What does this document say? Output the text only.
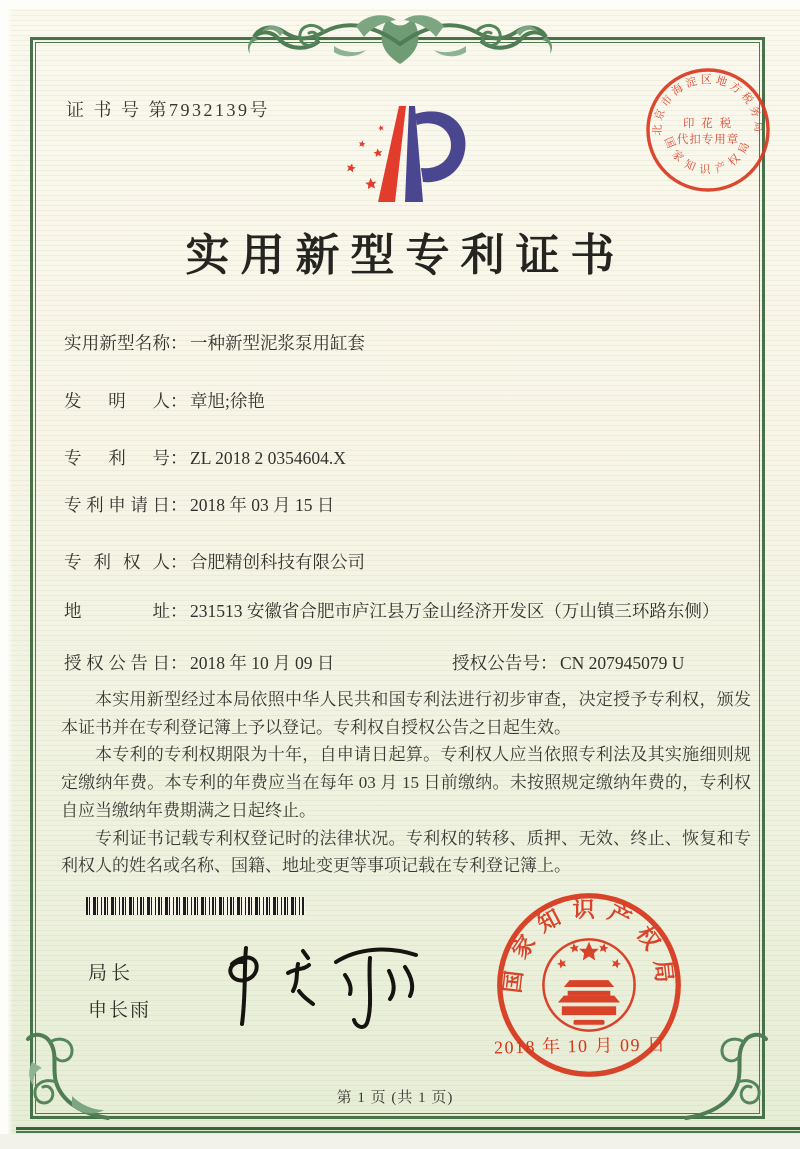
证 书 号 第7932139号
北京市海淀区地方税务局
国家知识产权局
印 花 税
代扣专用章
实用新型专利证书
实用新型名称 ： 一种新型泥浆泵用缸套
发明人 ： 章旭;徐艳
专利号 ： ZL 2018 2 0354604.X
专利申请日 ： 2018 年 03 月 15 日
专利权人 ： 合肥精创科技有限公司
地址 ： 231513 安徽省合肥市庐江县万金山经济开发区（万山镇三环路东侧）
授权公告日 ： 2018 年 10 月 09 日	授权公告号 ： CN 207945079 U

本实用新型经过本局依照中华人民共和国专利法进行初步审查，决定授予专利权，颁发本证书并在专利登记簿上予以登记。专利权自授权公告之日起生效。

本专利的专利权期限为十年，自申请日起算。专利权人应当依照专利法及其实施细则规定缴纳年费。本专利的年费应当在每年 03 月 15 日前缴纳。未按照规定缴纳年费的，专利权自应当缴纳年费期满之日起终止。

专利证书记载专利权登记时的法律状况。专利权的转移、质押、无效、终止、恢复和专利权人的姓名或名称、国籍、地址变更等事项记载在专利登记簿上。

局长
申长雨
国家知识产权局
2018 年 10 月 09 日
第 1 页 (共 1 页)
